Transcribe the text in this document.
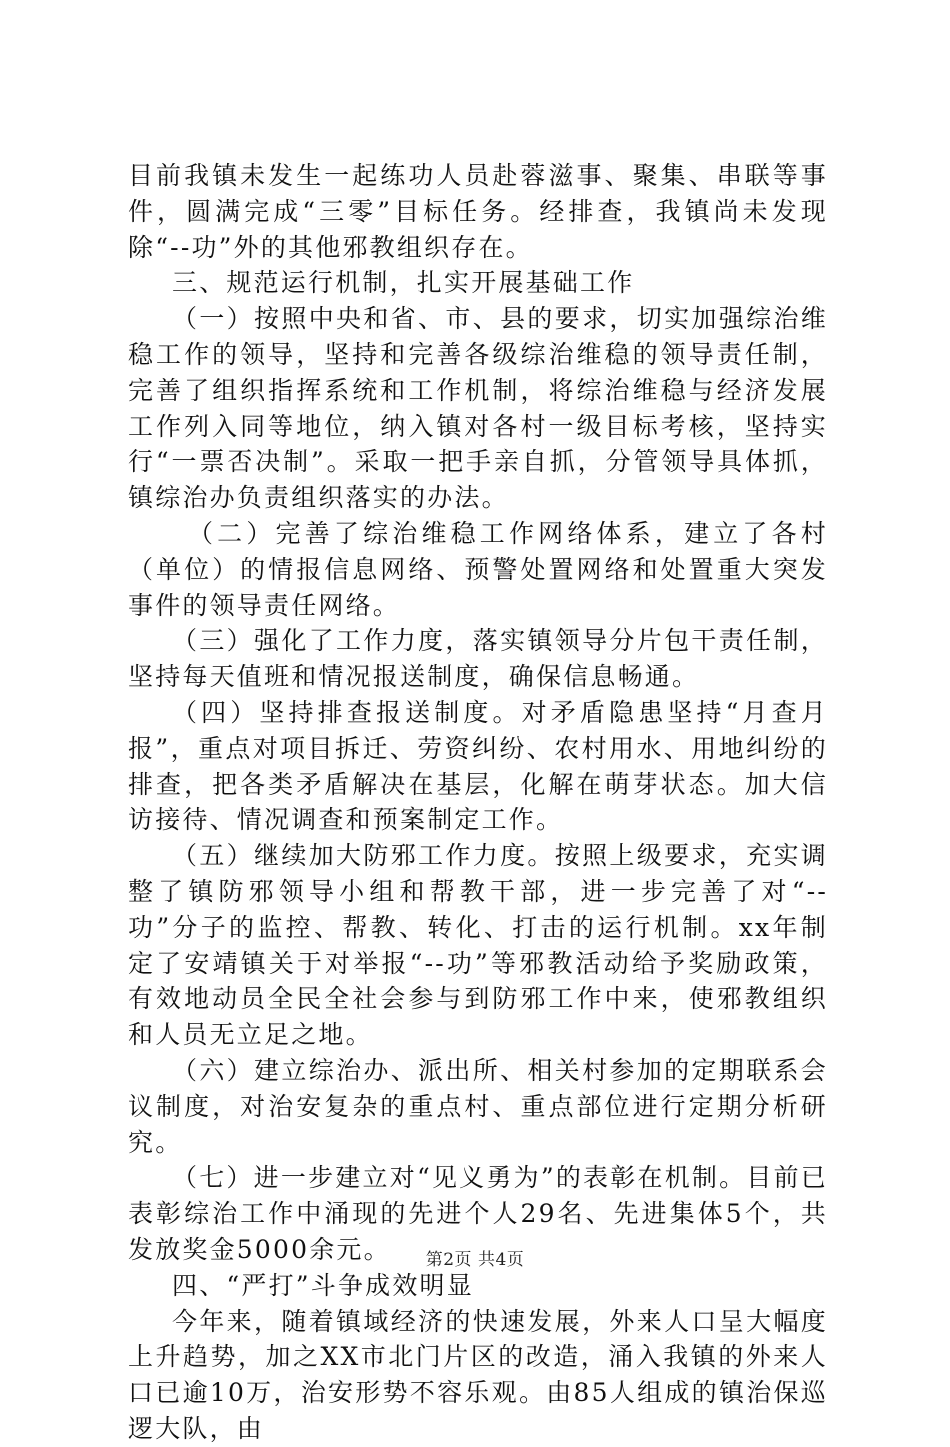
目前我镇未发生一起练功人员赴蓉滋事、聚集、串联等事件，圆满完成“三零”目标任务。经排查，我镇尚未发现除“--功”外的其他邪教组织存在。

三、规范运行机制，扎实开展基础工作

（一）按照中央和省、市、县的要求，切实加强综治维稳工作的领导，坚持和完善各级综治维稳的领导责任制，完善了组织指挥系统和工作机制，将综治维稳与经济发展工作列入同等地位，纳入镇对各村一级目标考核，坚持实行“一票否决制”。采取一把手亲自抓，分管领导具体抓，镇综治办负责组织落实的办法。

（二）完善了综治维稳工作网络体系，建立了各村（单位）的情报信息网络、预警处置网络和处置重大突发事件的领导责任网络。

（三）强化了工作力度，落实镇领导分片包干责任制，坚持每天值班和情况报送制度，确保信息畅通。

（四）坚持排查报送制度。对矛盾隐患坚持“月查月报”，重点对项目拆迁、劳资纠纷、农村用水、用地纠纷的排查，把各类矛盾解决在基层，化解在萌芽状态。加大信访接待、情况调查和预案制定工作。

（五）继续加大防邪工作力度。按照上级要求，充实调整了镇防邪领导小组和帮教干部，进一步完善了对“--功”分子的监控、帮教、转化、打击的运行机制。xx年制定了安靖镇关于对举报“--功”等邪教活动给予奖励政策，有效地动员全民全社会参与到防邪工作中来，使邪教组织和人员无立足之地。

（六）建立综治办、派出所、相关村参加的定期联系会议制度，对治安复杂的重点村、重点部位进行定期分析研究。

（七）进一步建立对“见义勇为”的表彰在机制。目前已表彰综治工作中涌现的先进个人29名、先进集体5个，共发放奖金5000余元。

四、“严打”斗争成效明显

今年来，随着镇域经济的快速发展，外来人口呈大幅度上升趋势，加之XX市北门片区的改造，涌入我镇的外来人口已逾10万，治安形势不容乐观。由85人组成的镇治保巡逻大队，由

第2页 共4页
